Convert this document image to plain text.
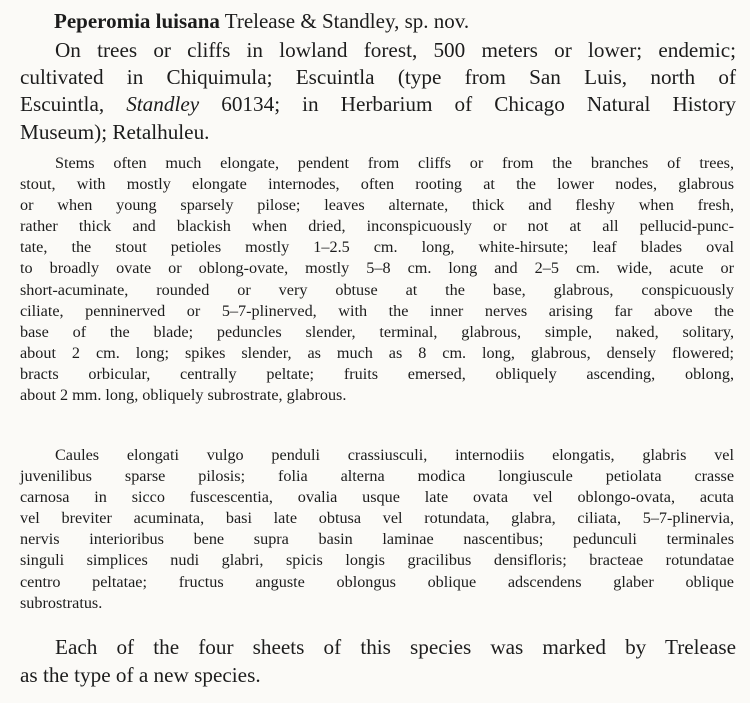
Peperomia luisana Trelease & Standley, sp. nov.
On trees or cliffs in lowland forest, 500 meters or lower; endemic;
cultivated in Chiquimula; Escuintla (type from San Luis, north of
Escuintla, Standley 60134; in Herbarium of Chicago Natural History
Museum); Retalhuleu.
Stems often much elongate, pendent from cliffs or from the branches of trees,
stout, with mostly elongate internodes, often rooting at the lower nodes, glabrous
or when young sparsely pilose; leaves alternate, thick and fleshy when fresh,
rather thick and blackish when dried, inconspicuously or not at all pellucid-punc-
tate, the stout petioles mostly 1–2.5 cm. long, white-hirsute; leaf blades oval
to broadly ovate or oblong-ovate, mostly 5–8 cm. long and 2–5 cm. wide, acute or
short-acuminate, rounded or very obtuse at the base, glabrous, conspicuously
ciliate, penninerved or 5–7-plinerved, with the inner nerves arising far above the
base of the blade; peduncles slender, terminal, glabrous, simple, naked, solitary,
about 2 cm. long; spikes slender, as much as 8 cm. long, glabrous, densely flowered;
bracts orbicular, centrally peltate; fruits emersed, obliquely ascending, oblong,
about 2 mm. long, obliquely subrostrate, glabrous.
Caules elongati vulgo penduli crassiusculi, internodiis elongatis, glabris vel
juvenilibus sparse pilosis; folia alterna modica longiuscule petiolata crasse
carnosa in sicco fuscescentia, ovalia usque late ovata vel oblongo-ovata, acuta
vel breviter acuminata, basi late obtusa vel rotundata, glabra, ciliata, 5–7-plinervia,
nervis interioribus bene supra basin laminae nascentibus; pedunculi terminales
singuli simplices nudi glabri, spicis longis gracilibus densifloris; bracteae rotundatae
centro peltatae; fructus anguste oblongus oblique adscendens glaber oblique
subrostratus.
Each of the four sheets of this species was marked by Trelease
as the type of a new species.
